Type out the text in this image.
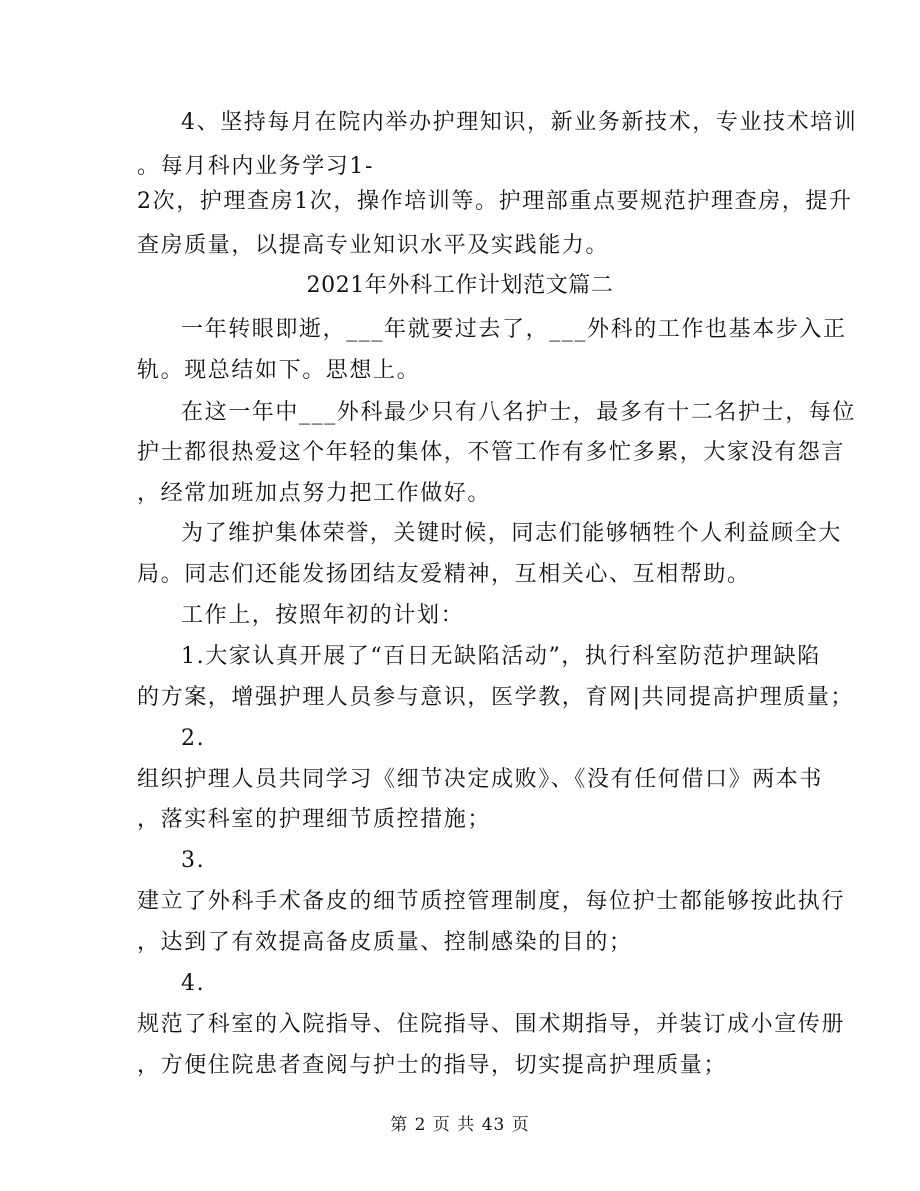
4、坚持每月在院内举办护理知识，新业务新技术，专业技术培训
。每月科内业务学习1-
2次，护理查房1次，操作培训等。护理部重点要规范护理查房，提升
查房质量，以提高专业知识水平及实践能力。
2021年外科工作计划范文篇二
一年转眼即逝，___年就要过去了，___外科的工作也基本步入正
轨。现总结如下。思想上。
在这一年中___外科最少只有八名护士，最多有十二名护士，每位
护士都很热爱这个年轻的集体，不管工作有多忙多累，大家没有怨言
，经常加班加点努力把工作做好。
为了维护集体荣誉，关键时候，同志们能够牺牲个人利益顾全大
局。同志们还能发扬团结友爱精神，互相关心、互相帮助。
工作上，按照年初的计划：
1.大家认真开展了“百日无缺陷活动”，执行科室防范护理缺陷
的方案，增强护理人员参与意识，医学教，育网|共同提高护理质量；
2.
组织护理人员共同学习《细节决定成败》、《没有任何借口》两本书
，落实科室的护理细节质控措施；
3.
建立了外科手术备皮的细节质控管理制度，每位护士都能够按此执行
，达到了有效提高备皮质量、控制感染的目的；
4.
规范了科室的入院指导、住院指导、围术期指导，并装订成小宣传册
，方便住院患者查阅与护士的指导，切实提高护理质量；
第 2 页 共 43 页
